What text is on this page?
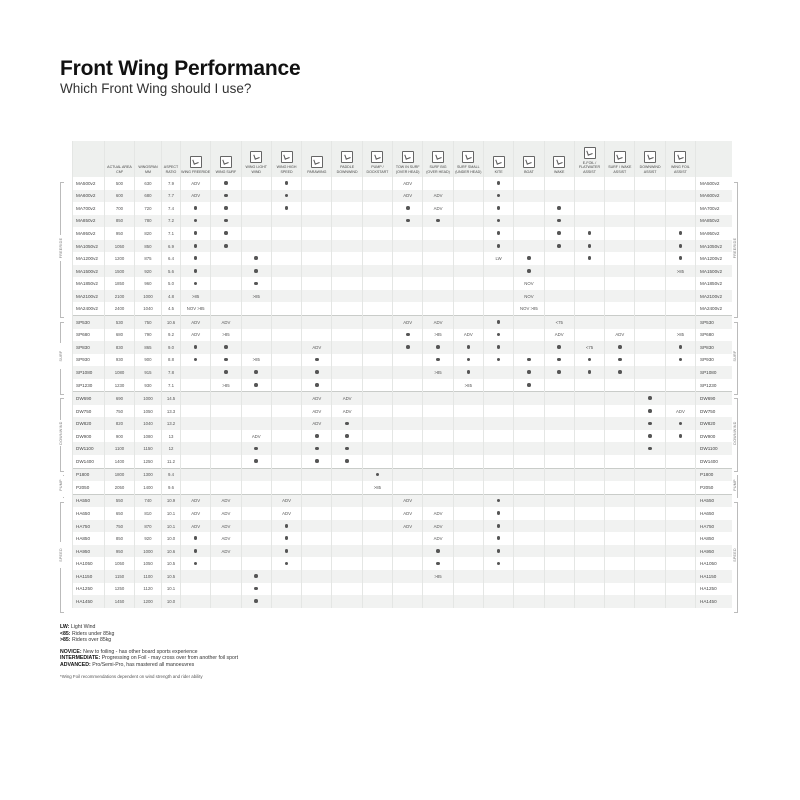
Front Wing Performance
Which Front Wing should I use?
	ACTUAL AREA CM²	WINGSPAN MM	ASPECT RATIO	WING FREERIDE	WING SURF	WING LIGHT WIND	WING HIGH SPEED	PARAWING	PADDLE DOWNWIND	PUMP / DOCKSTART	TOW IN SURF (OVER HEAD)	SURF BIG (OVER HEAD)	SURF SMALL (UNDER HEAD)	KITE	BOAT	WAKE	E-FOIL / FLATWATER ASSIST	SURF / WAKE ASSIST	DOWNWIND ASSIST	WING FOIL ASSIST	
MA500v2	500	630	7.9	ADV							ADV										MA500v2
MA600v2	600	680	7.7	ADV							ADV	ADV									MA600v2
MA700v2	700	720	7.4									ADV									MA700v2
MA850v2	850	780	7.2																		MA850v2
MA950v2	950	820	7.1																		MA950v2
MA1050v2	1050	850	6.9																		MA1050v2
MA1200v2	1200	875	6.4											LW							MA1200v2
MA1500v2	1500	920	5.6																	>85	MA1500v2
MA1850v2	1850	960	5.0												NOV						MA1850v2
MA2100v2	2100	1000	4.8	>85		>85									NOV						MA2100v2
MA2400v2	2400	1040	4.5	NOV >85											NOV >85						MA2400v2
SP530	530	750	10.6	ADV	ADV						ADV	ADV				<75					SP530
SP680	680	790	9.2	ADV	>85							>85	ADV			ADV		ADV		>85	SP680
SP830	830	865	9.0					ADV									<75				SP830
SP930	930	900	8.8			>85															SP930
SP1080	1080	915	7.8									>85									SP1080
SP1230	1230	930	7.1		>85								>85								SP1230
DW690	690	1000	14.5					ADV	ADV												DW690
DW750	750	1050	13.3					ADV	ADV											ADV	DW750
DW820	820	1040	13.2					ADV													DW820
DW900	900	1080	13			ADV															DW900
DW1100	1100	1150	12																		DW1100
DW1400	1400	1250	11.2																		DW1400
P1800	1800	1300	9.4																		P1800
P2050	2050	1400	9.6							>85											P2050
HA550	550	740	10.9	ADV	ADV		ADV				ADV										HA550
HA650	650	810	10.1	ADV	ADV		ADV				ADV	ADV									HA650
HA750	750	870	10.1	ADV	ADV						ADV	ADV									HA750
HA850	850	920	10.0		ADV							ADV									HA850
HA950	950	1000	10.6		ADV																HA950
HA1050	1050	1050	10.5																		HA1050
HA1150	1150	1100	10.5									>85									HA1150
HA1250	1250	1120	10.1																		HA1250
HA1450	1450	1200	10.0																		HA1450
FREERIDE	FREERIDE
SURF	SURF
DOWNWIND	DOWNWIND
PUMP	PUMP
SPEED	SPEED
LW: Light Wind
<85: Riders under 85kg
>85: Riders over 85kg
NOVICE: New to foiling - has other board sports experience
INTERMEDIATE: Progressing on Foil - may cross over from another foil sport
ADVANCED: Pro/Semi-Pro, has mastered all manoeuvres
*Wing Foil recommendations dependent on wind strength and rider ability
